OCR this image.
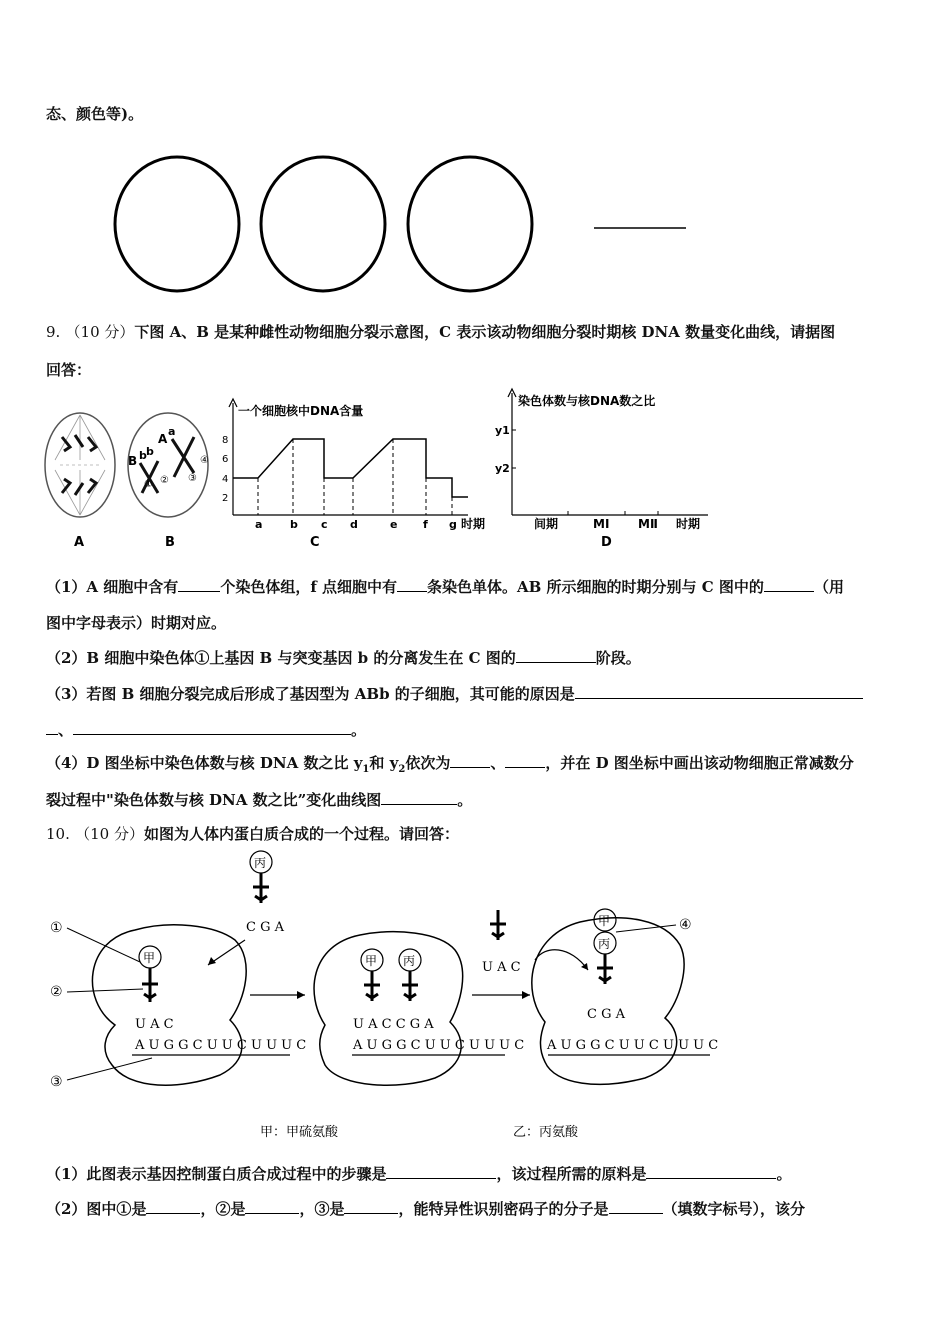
态、颜色等)。
9. （10 分）下图 A、B 是某种雌性动物细胞分裂示意图，C 表示该动物细胞分裂时期核 DNA 数量变化曲线，请据图
回答：
B b b
A
a
① ② ③
④
一个细胞核中DNA含量
8
6
4
2
a	b c d	e f g 时期
染色体数与核DNA数之比
y1
y2
间期	MⅠ MⅡ 时期
A	B	C	D
（1）A 细胞中含有	个染色体组，f 点细胞中有 条染色单体。AB 所示细胞的时期分别与 C 图中的	（用
图中字母表示）时期对应。
（2）B 细胞中染色体①上基因 B 与突变基因 b 的分离发生在 C 图的	阶段。
（3）若图 B 细胞分裂完成后形成了基因型为 ABb 的子细胞，其可能的原因是
、	。
（4）D 图坐标中染色体数与核 DNA 数之比 $y_1$和 $y_2$依次为	、	，并在 D 图坐标中画出该动物细胞正常减数分
裂过程中"染色体数与核 DNA 数之比”变化曲线图	。
10. （10 分）如图为人体内蛋白质合成的一个过程。请回答：
A U G G C U U C U U U C	A U G G C U U C U U U C A U G G C U U C U U U C
甲
U A C
丙
C G A
甲 丙
U A C C G A
甲
丙
C G A
U A C
①
②
③
④
甲：甲硫氨酸	乙：丙氨酸
（1）此图表示基因控制蛋白质合成过程中的步骤是	，该过程所需的原料是	。
（2）图中①是	，②是	，③是	，能特异性识别密码子的分子是	（填数字标号），该分
